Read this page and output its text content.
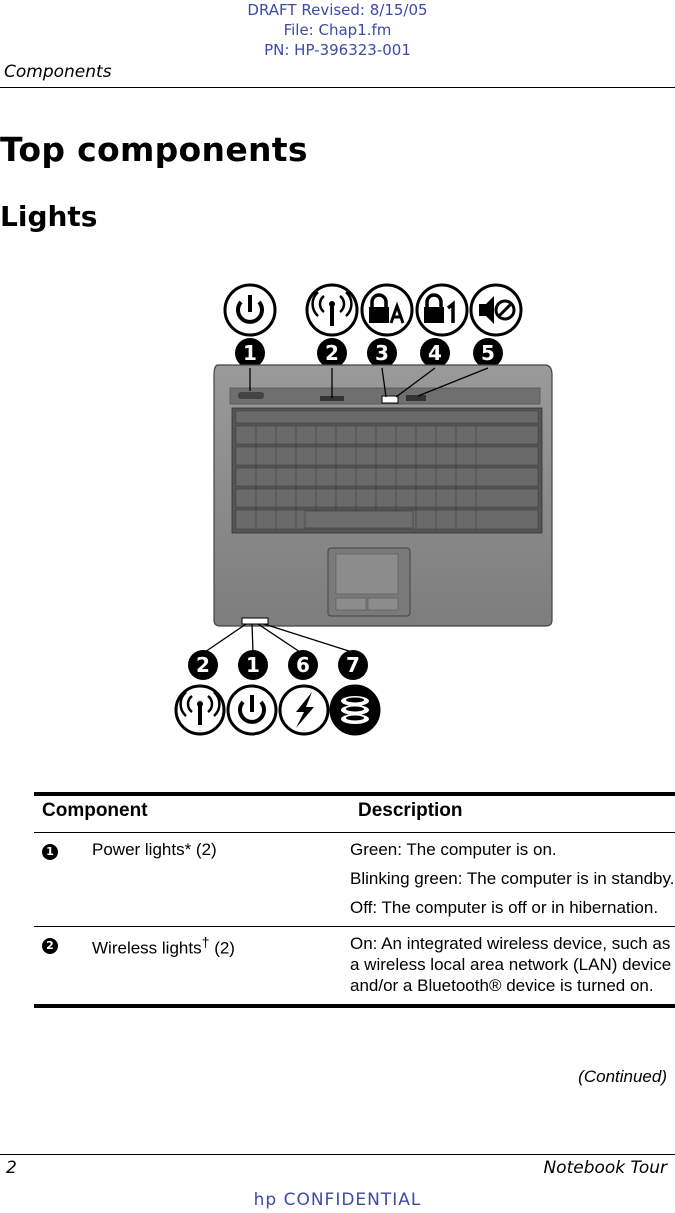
DRAFT Revised: 8/15/05
File: Chap1.fm
PN: HP-396323-001
Components
Top components
Lights
1	2 3 4 5
2 1 6 7
Component		Description

1	Power lights* (2)	Green: The computer is on.

Blinking green: The computer is in standby.

Off: The computer is off or in hibernation.

2	Wireless lights† (2)	On: An integrated wireless device, such as a wireless local area network (LAN) device and/or a Bluetooth® device is turned on.

(Continued)
2	Notebook Tour
hp CONFIDENTIAL
